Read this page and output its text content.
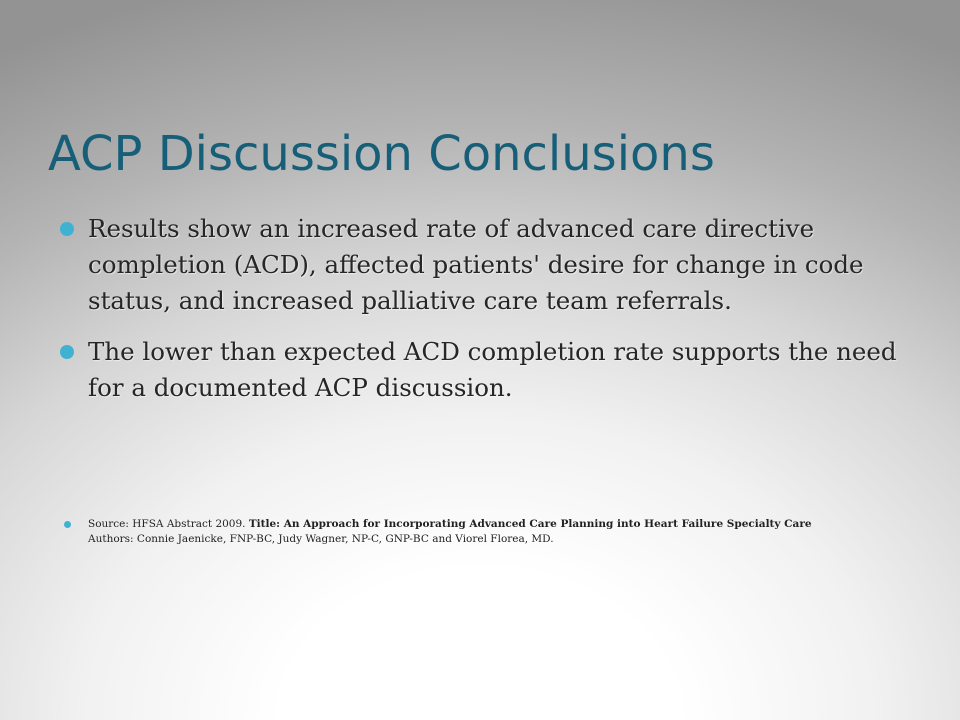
ACP Discussion Conclusions
Results show an increased rate of advanced care directive completion (ACD), affected patients' desire for change in code status, and increased palliative care team referrals.
The lower than expected ACD completion rate supports the need for a documented ACP discussion.
Source: HFSA Abstract 2009. Title: An Approach for Incorporating Advanced Care Planning into Heart Failure Specialty Care
Authors: Connie Jaenicke, FNP-BC, Judy Wagner, NP-C, GNP-BC and Viorel Florea, MD.
